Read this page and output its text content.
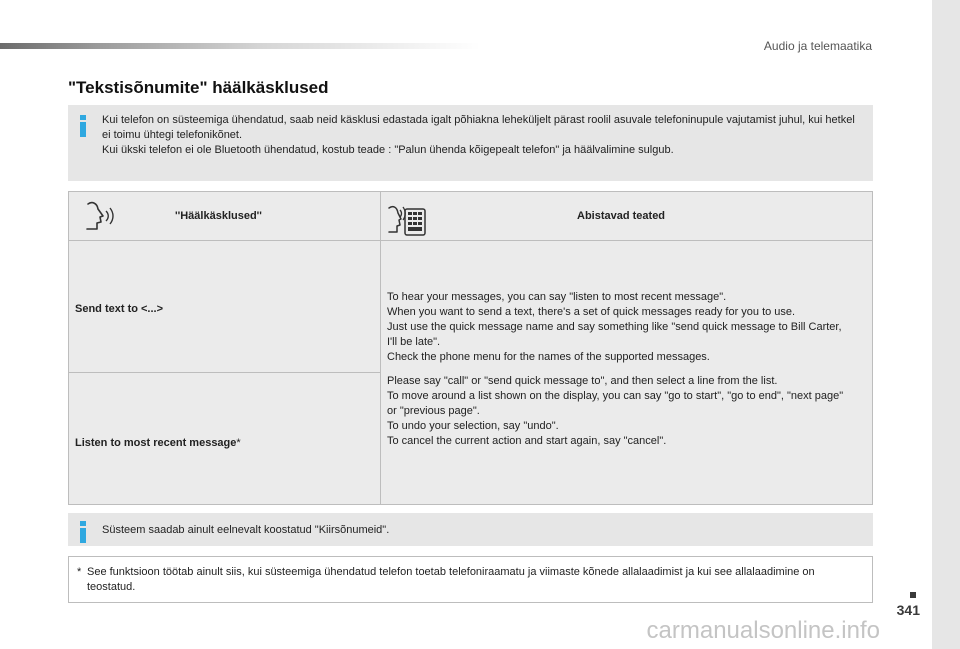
Audio ja telemaatika
341
"Tekstisõnumite" häälkäsklused
Kui telefon on süsteemiga ühendatud, saab neid käsklusi edastada igalt põhiakna leheküljelt pärast roolil asuvale telefoninupule vajutamist juhul, kui hetkel ei toimu ühtegi telefonikõnet.
Kui ükski telefon ei ole Bluetooth ühendatud, kostub teade : "Palun ühenda kõigepealt telefon" ja häälvalimine sulgub.
''Häälkäsklused''	Abistavad teated
Send text to <...>
Listen to most recent message*

To hear your messages, you can say "listen to most recent message".
When you want to send a text, there's a set of quick messages ready for you to use.
Just use the quick message name and say something like "send quick message to Bill Carter, I'll be late".
Check the phone menu for the names of the supported messages.

Please say "call" or "send quick message to", and then select a line from the list.
To move around a list shown on the display, you can say "go to start", "go to end", "next page" or "previous page".
To undo your selection, say "undo".
To cancel the current action and start again, say "cancel".

Süsteem saadab ainult eelnevalt koostatud "Kiirsõnumeid".
* See funktsioon töötab ainult siis, kui süsteemiga ühendatud telefon toetab telefoniraamatu ja viimaste kõnede allalaadimist ja kui see allalaadimine on teostatud.
carmanualsonline.info
